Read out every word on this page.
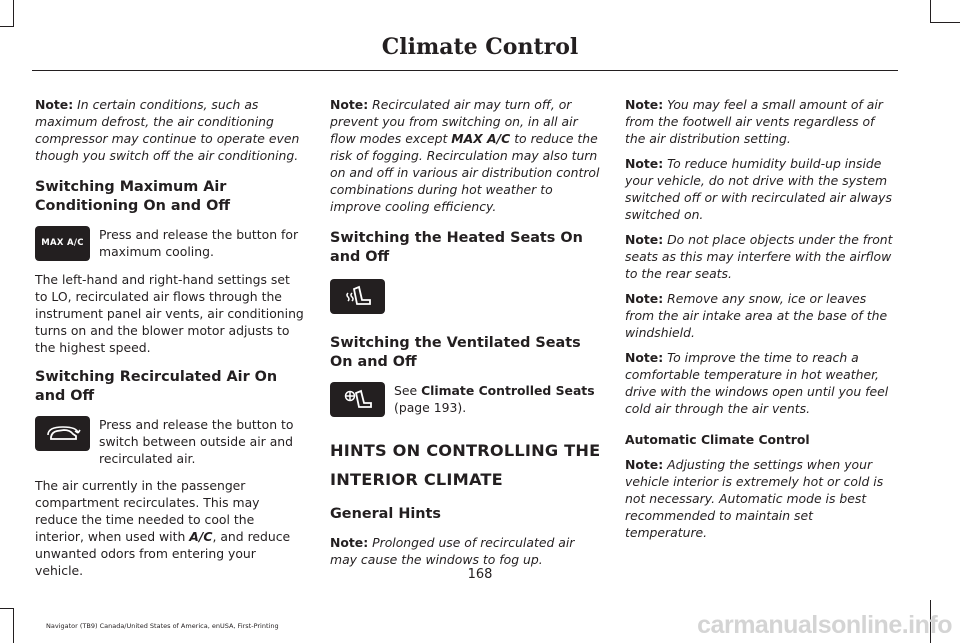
Climate Control

Note: In certain conditions, such as maximum defrost, the air conditioning compressor may continue to operate even though you switch off the air conditioning.

Switching Maximum Air Conditioning On and Off
MAX A/C
Press and release the button for maximum cooling.

The left-hand and right-hand settings set to LO, recirculated air flows through the instrument panel air vents, air conditioning turns on and the blower motor adjusts to the highest speed.

Switching Recirculated Air On and Off
Press and release the button to switch between outside air and recirculated air.

The air currently in the passenger compartment recirculates. This may reduce the time needed to cool the interior, when used with A/C, and reduce unwanted odors from entering your vehicle.

Note: Recirculated air may turn off, or prevent you from switching on, in all air flow modes except MAX A/C to reduce the risk of fogging. Recirculation may also turn on and off in various air distribution control combinations during hot weather to improve cooling efficiency.

Switching the Heated Seats On and Off
Switching the Ventilated Seats On and Off
See Climate Controlled Seats
(page 193).
HINTS ON CONTROLLING THE
INTERIOR CLIMATE
General Hints

Note: Prolonged use of recirculated air may cause the windows to fog up.

Note: You may feel a small amount of air from the footwell air vents regardless of the air distribution setting.

Note: To reduce humidity build-up inside your vehicle, do not drive with the system switched off or with recirculated air always switched on.

Note: Do not place objects under the front seats as this may interfere with the airflow to the rear seats.

Note: Remove any snow, ice or leaves from the air intake area at the base of the windshield.

Note: To improve the time to reach a comfortable temperature in hot weather, drive with the windows open until you feel cold air through the air vents.

Automatic Climate Control

Note: Adjusting the settings when your vehicle interior is extremely hot or cold is not necessary. Automatic mode is best recommended to maintain set temperature.

168
Navigator (TB9) Canada/United States of America, enUSA, First-Printing	carmanualsonline.info
